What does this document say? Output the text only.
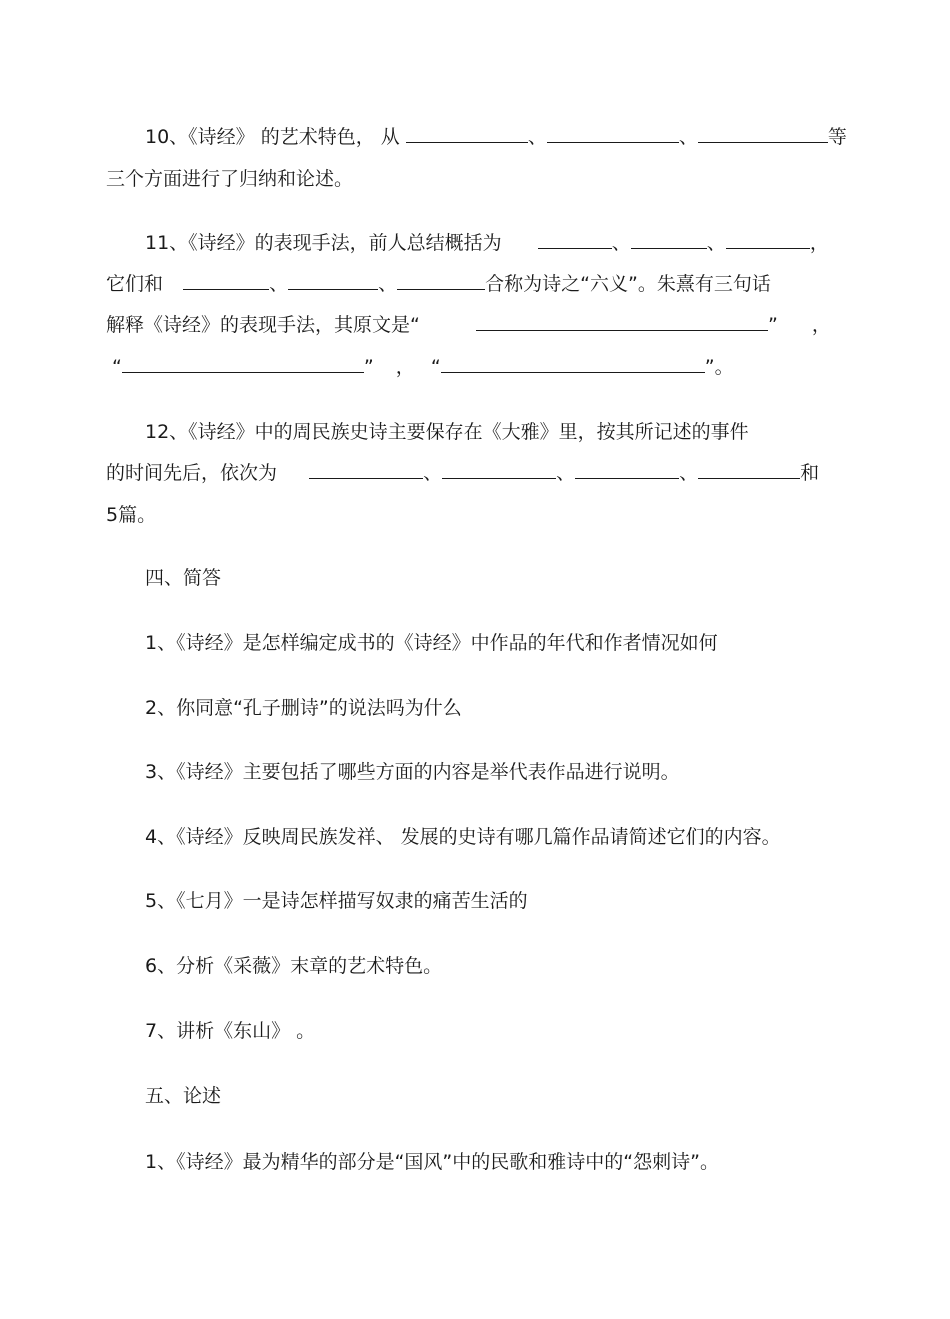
10、《诗经》 的艺术特色， 从	、	、	等
三个方面进行了归纳和论述。
11、《诗经》的表现手法，前人总结概括为	、	、	，
它们和	、	、	合称为诗之“六义”。朱熹有三句话
解释《诗经》的表现手法，其原文是“	” ，
“	” ， “	”。
12、《诗经》中的周民族史诗主要保存在《大雅》里，按其所记述的事件
的时间先后，依次为	、	、	、	和
5篇。
四、简答
1、《诗经》是怎样编定成书的《诗经》中作品的年代和作者情况如何
2、你同意“孔子删诗”的说法吗为什么
3、《诗经》主要包括了哪些方面的内容是举代表作品进行说明。
4、《诗经》反映周民族发祥、 发展的史诗有哪几篇作品请简述它们的内容。
5、《七月》一是诗怎样描写奴隶的痛苦生活的
6、分析《采薇》末章的艺术特色。
7、讲析《东山》 。
五、论述
1、《诗经》最为精华的部分是“国风”中的民歌和雅诗中的“怨刺诗”。
